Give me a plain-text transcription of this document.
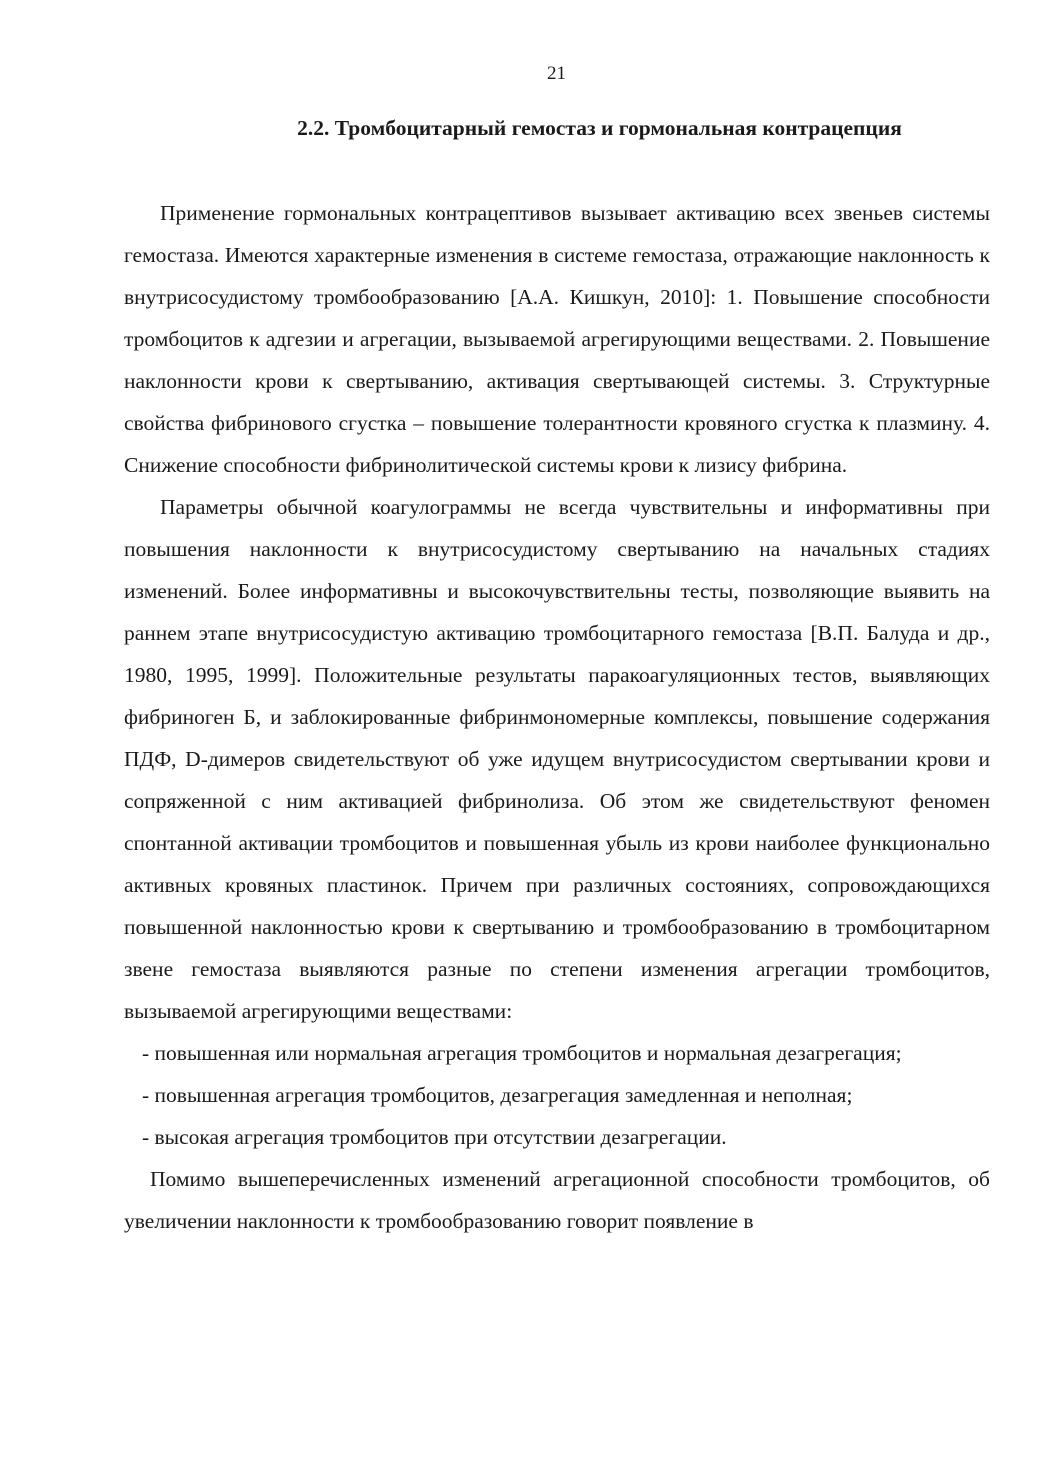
21
2.2. Тромбоцитарный гемостаз и гормональная контрацепция

Применение гормональных контрацептивов вызывает активацию всех звеньев системы гемостаза. Имеются характерные изменения в системе гемостаза, отражающие наклонность к внутрисосудистому тромбообразованию [А.А. Кишкун, 2010]: 1. Повышение способности тромбоцитов к адгезии и агрегации, вызываемой агрегирующими веществами. 2. Повышение наклонности крови к свертыванию, активация свертывающей системы. 3. Структурные свойства фибринового сгустка – повышение толерантности кровяного сгустка к плазмину. 4. Снижение способности фибринолитической системы крови к лизису фибрина.

Параметры обычной коагулограммы не всегда чувствительны и информативны при повышения наклонности к внутрисосудистому свертыванию на начальных стадиях изменений. Более информативны и высокочувствительны тесты, позволяющие выявить на раннем этапе внутрисосудистую активацию тромбоцитарного гемостаза [В.П. Балуда и др., 1980, 1995, 1999]. Положительные результаты паракоагуляционных тестов, выявляющих фибриноген Б, и заблокированные фибринмономерные комплексы, повышение содержания ПДФ, D-димеров свидетельствуют об уже идущем внутрисосудистом свертывании крови и сопряженной с ним активацией фибринолиза. Об этом же свидетельствуют феномен спонтанной активации тромбоцитов и повышенная убыль из крови наиболее функционально активных кровяных пластинок. Причем при различных состояниях, сопровождающихся повышенной наклонностью крови к свертыванию и тромбообразованию в тромбоцитарном звене гемостаза выявляются разные по степени изменения агрегации тромбоцитов, вызываемой агрегирующими веществами:

- повышенная или нормальная агрегация тромбоцитов и нормальная дезагрегация;

- повышенная агрегация тромбоцитов, дезагрегация замедленная и неполная;

- высокая агрегация тромбоцитов при отсутствии дезагрегации.

Помимо вышеперечисленных изменений агрегационной способности тромбоцитов, об увеличении наклонности к тромбообразованию говорит появление в
